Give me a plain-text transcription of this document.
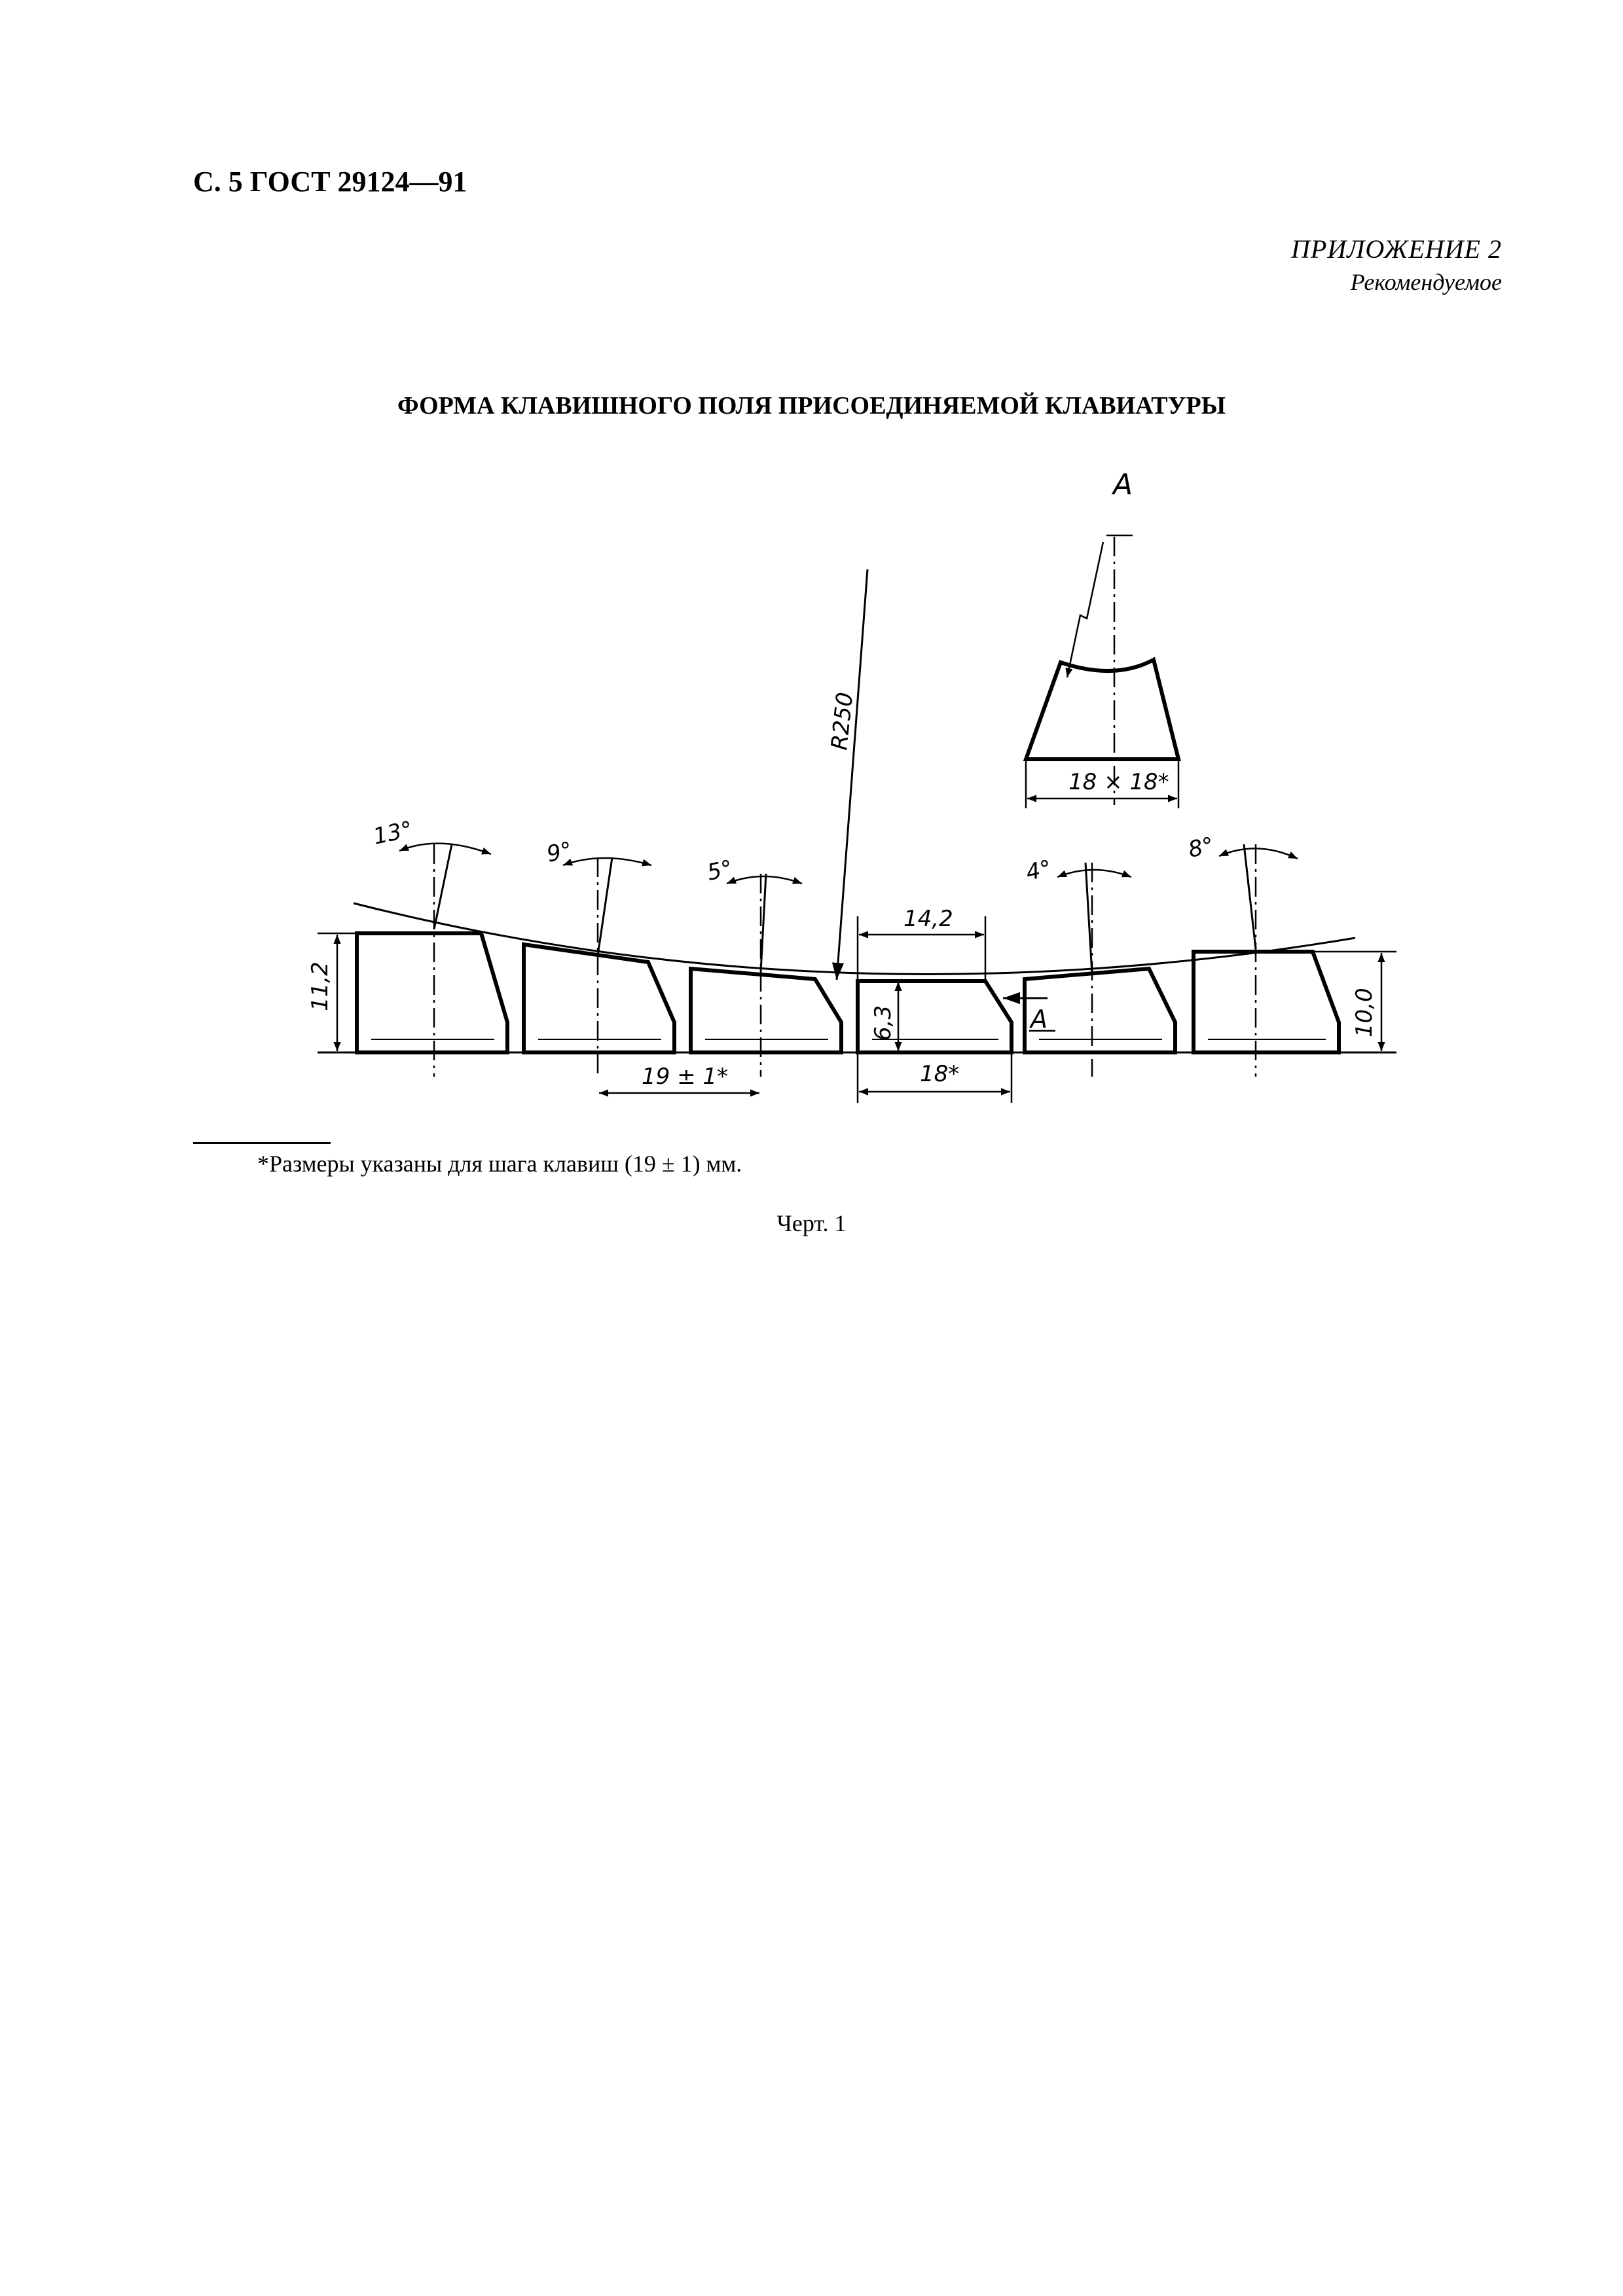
С. 5 ГОСТ 29124—91
ПРИЛОЖЕНИЕ 2
Рекомендуемое
ФОРМА КЛАВИШНОГО ПОЛЯ ПРИСОЕДИНЯЕМОЙ КЛАВИАТУРЫ
13°
9°
5°	4°
8°
R250
11,2
10,0
6,3
14,2
19 ± 1*	18*
А
А
18 × 18*
*Размеры указаны для шага клавиш (19 ± 1) мм.
Черт. 1
